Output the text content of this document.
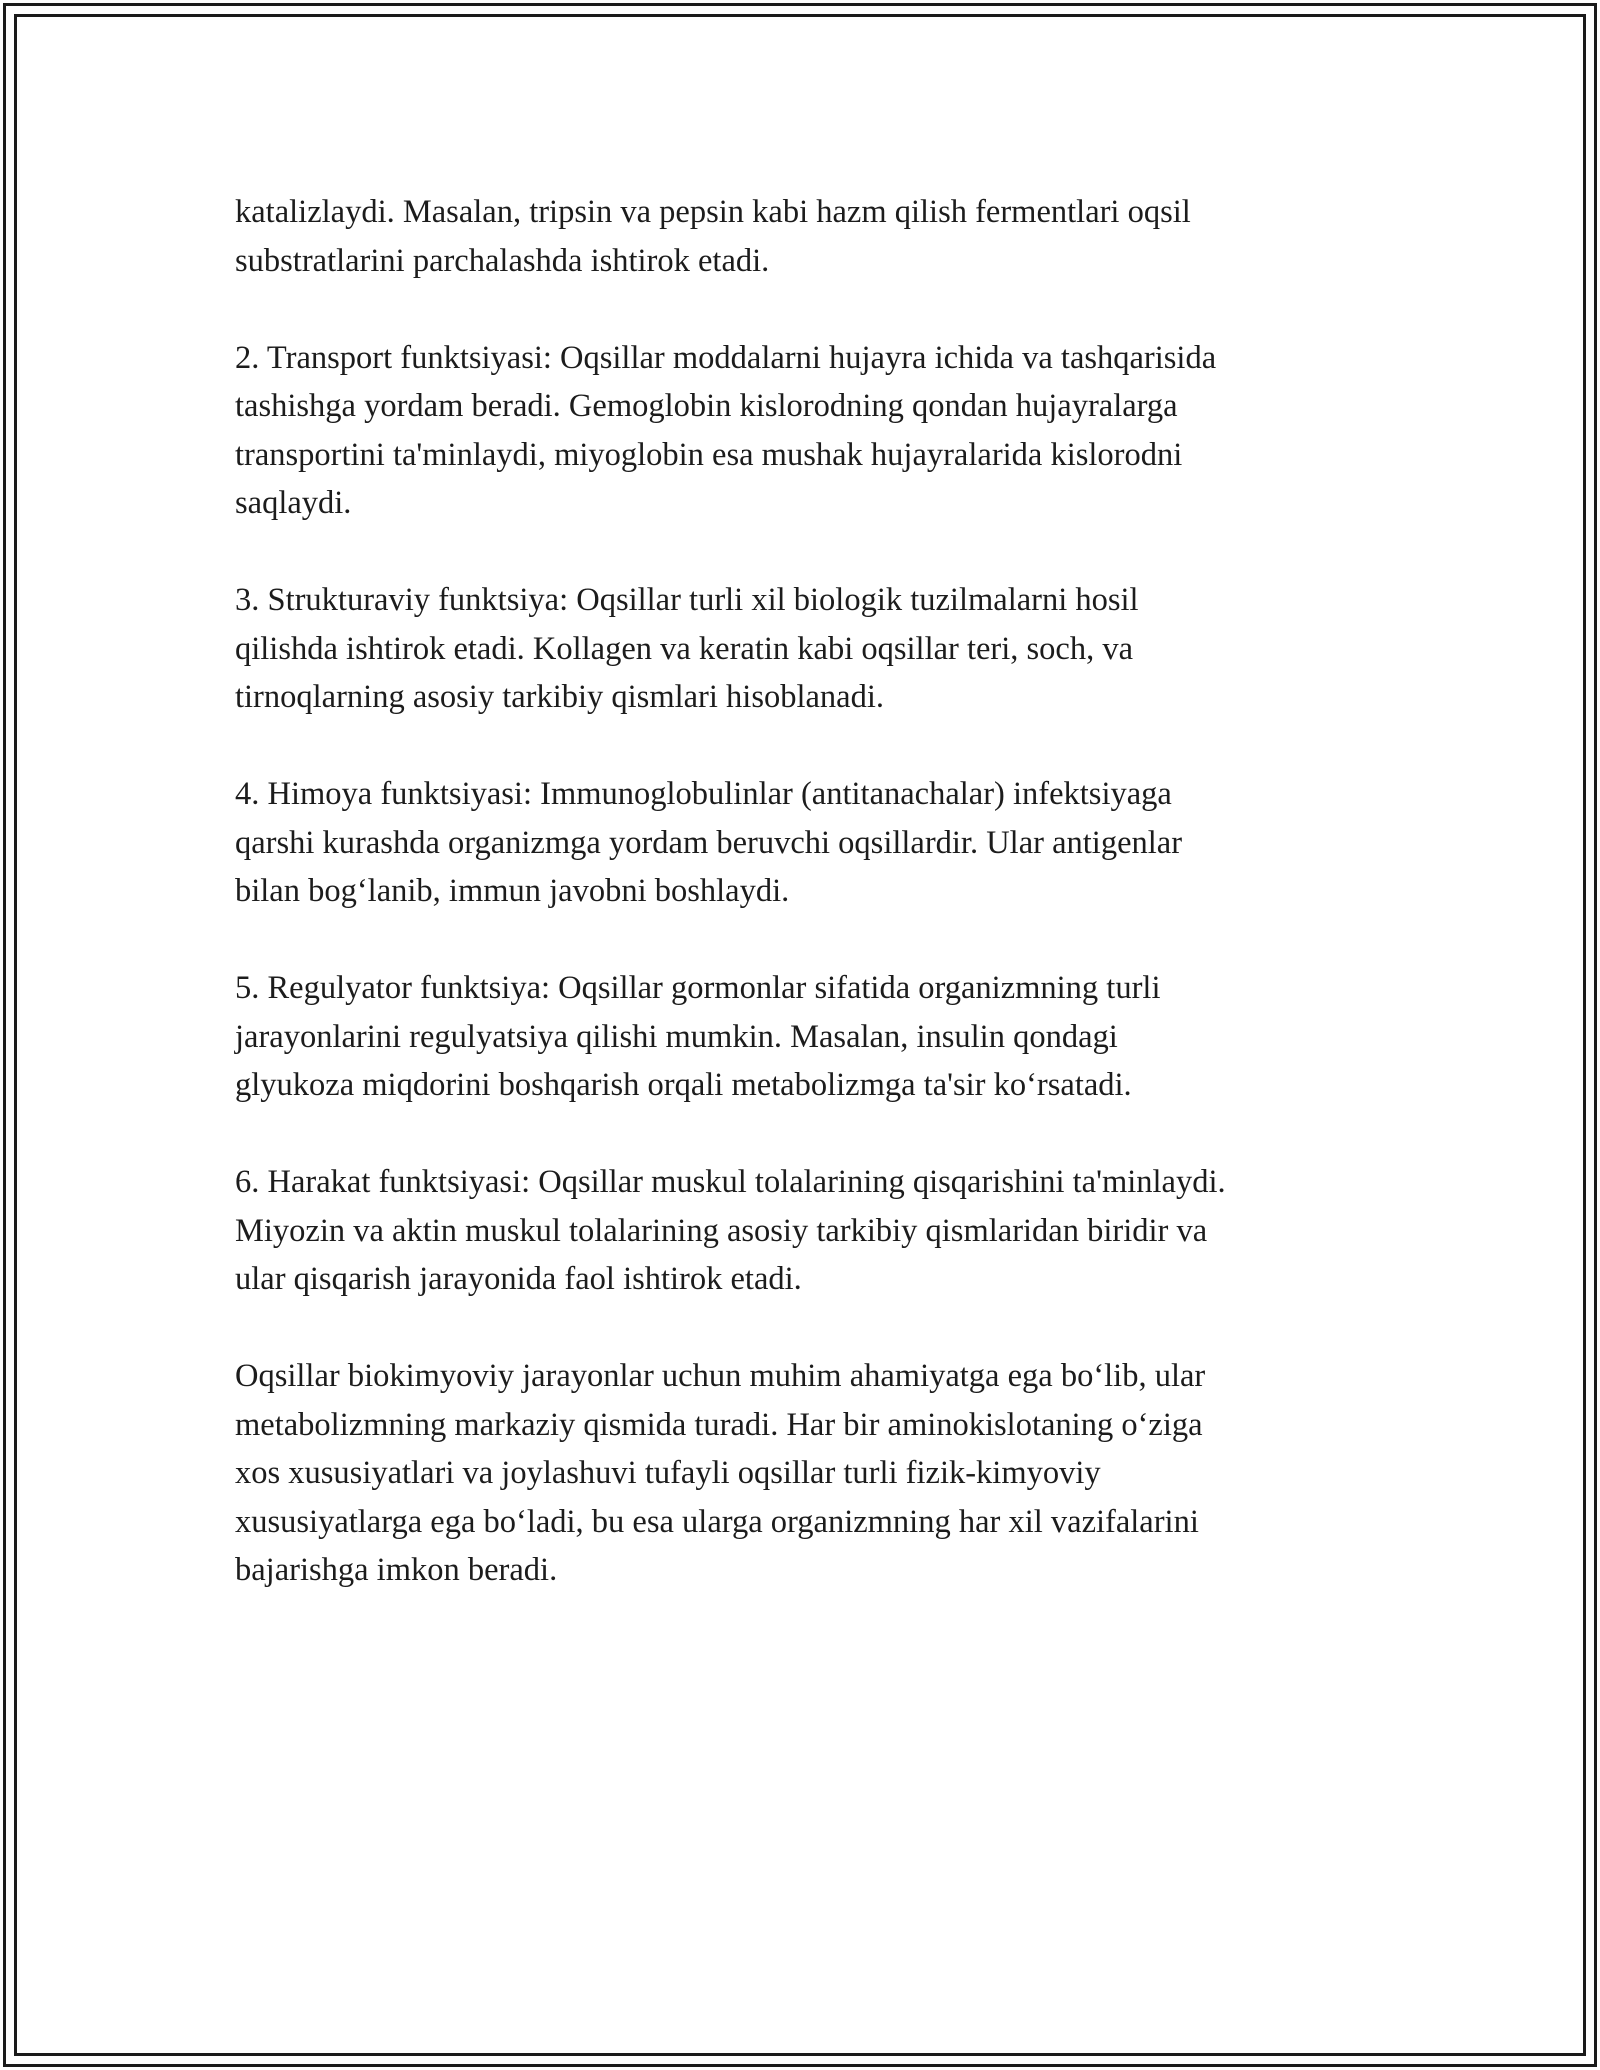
katalizlaydi. Masalan, tripsin va pepsin kabi hazm qilish fermentlari oqsil
substratlarini parchalashda ishtirok etadi.

2. Transport funktsiyasi: Oqsillar moddalarni hujayra ichida va tashqarisida
tashishga yordam beradi. Gemoglobin kislorodning qondan hujayralarga
transportini ta'minlaydi, miyoglobin esa mushak hujayralarida kislorodni
saqlaydi.

3. Strukturaviy funktsiya: Oqsillar turli xil biologik tuzilmalarni hosil
qilishda ishtirok etadi. Kollagen va keratin kabi oqsillar teri, soch, va
tirnoqlarning asosiy tarkibiy qismlari hisoblanadi.

4. Himoya funktsiyasi: Immunoglobulinlar (antitanachalar) infektsiyaga
qarshi kurashda organizmga yordam beruvchi oqsillardir. Ular antigenlar
bilan bog‘lanib, immun javobni boshlaydi.

5. Regulyator funktsiya: Oqsillar gormonlar sifatida organizmning turli
jarayonlarini regulyatsiya qilishi mumkin. Masalan, insulin qondagi
glyukoza miqdorini boshqarish orqali metabolizmga ta'sir ko‘rsatadi.

6. Harakat funktsiyasi: Oqsillar muskul tolalarining qisqarishini ta'minlaydi.
Miyozin va aktin muskul tolalarining asosiy tarkibiy qismlaridan biridir va
ular qisqarish jarayonida faol ishtirok etadi.

Oqsillar biokimyoviy jarayonlar uchun muhim ahamiyatga ega bo‘lib, ular
metabolizmning markaziy qismida turadi. Har bir aminokislotaning o‘ziga
xos xususiyatlari va joylashuvi tufayli oqsillar turli fizik-kimyoviy
xususiyatlarga ega bo‘ladi, bu esa ularga organizmning har xil vazifalarini
bajarishga imkon beradi.
